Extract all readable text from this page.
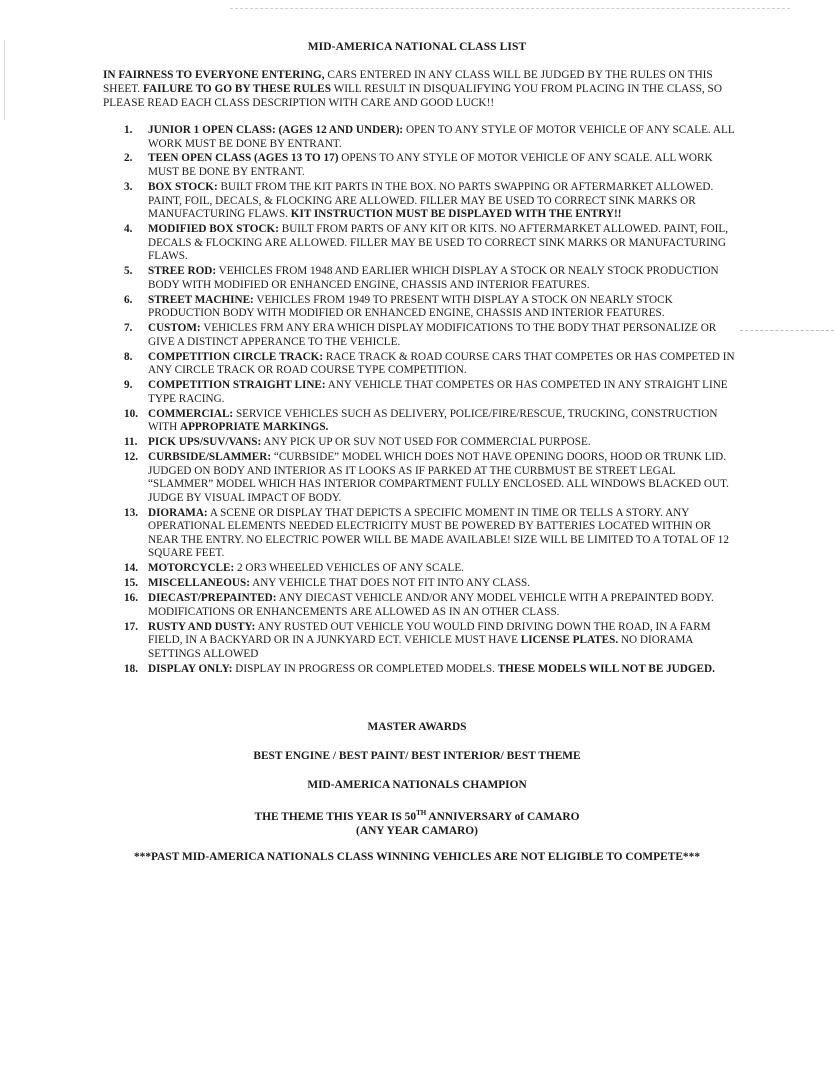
MID-AMERICA NATIONAL CLASS LIST
IN FAIRNESS TO EVERYONE ENTERING, CARS ENTERED IN ANY CLASS WILL BE JUDGED BY THE RULES ON THIS SHEET. FAILURE TO GO BY THESE RULES WILL RESULT IN DISQUALIFYING YOU FROM PLACING IN THE CLASS, SO PLEASE READ EACH CLASS DESCRIPTION WITH CARE AND GOOD LUCK!!
1. JUNIOR 1 OPEN CLASS: (AGES 12 AND UNDER): OPEN TO ANY STYLE OF MOTOR VEHICLE OF ANY SCALE. ALL WORK MUST BE DONE BY ENTRANT.
2. TEEN OPEN CLASS (AGES 13 TO 17) OPENS TO ANY STYLE OF MOTOR VEHICLE OF ANY SCALE. ALL WORK MUST BE DONE BY ENTRANT.
3. BOX STOCK: BUILT FROM THE KIT PARTS IN THE BOX. NO PARTS SWAPPING OR AFTERMARKET ALLOWED. PAINT, FOIL, DECALS, & FLOCKING ARE ALLOWED. FILLER MAY BE USED TO CORRECT SINK MARKS OR MANUFACTURING FLAWS. KIT INSTRUCTION MUST BE DISPLAYED WITH THE ENTRY!!
4. MODIFIED BOX STOCK: BUILT FROM PARTS OF ANY KIT OR KITS. NO AFTERMARKET ALLOWED. PAINT, FOIL, DECALS & FLOCKING ARE ALLOWED. FILLER MAY BE USED TO CORRECT SINK MARKS OR MANUFACTURING FLAWS.
5. STREE ROD: VEHICLES FROM 1948 AND EARLIER WHICH DISPLAY A STOCK OR NEALY STOCK PRODUCTION BODY WITH MODIFIED OR ENHANCED ENGINE, CHASSIS AND INTERIOR FEATURES.
6. STREET MACHINE: VEHICLES FROM 1949 TO PRESENT WITH DISPLAY A STOCK ON NEARLY STOCK PRODUCTION BODY WITH MODIFIED OR ENHANCED ENGINE, CHASSIS AND INTERIOR FEATURES.
7. CUSTOM: VEHICLES FRM ANY ERA WHICH DISPLAY MODIFICATIONS TO THE BODY THAT PERSONALIZE OR GIVE A DISTINCT APPERANCE TO THE VEHICLE.
8. COMPETITION CIRCLE TRACK: RACE TRACK & ROAD COURSE CARS THAT COMPETES OR HAS COMPETED IN ANY CIRCLE TRACK OR ROAD COURSE TYPE COMPETITION.
9. COMPETITION STRAIGHT LINE: ANY VEHICLE THAT COMPETES OR HAS COMPETED IN ANY STRAIGHT LINE TYPE RACING.
10. COMMERCIAL: SERVICE VEHICLES SUCH AS DELIVERY, POLICE/FIRE/RESCUE, TRUCKING, CONSTRUCTION WITH APPROPRIATE MARKINGS.
11. PICK UPS/SUV/VANS: ANY PICK UP OR SUV NOT USED FOR COMMERCIAL PURPOSE.
12. CURBSIDE/SLAMMER: “CURBSIDE” MODEL WHICH DOES NOT HAVE OPENING DOORS, HOOD OR TRUNK LID. JUDGED ON BODY AND INTERIOR AS IT LOOKS AS IF PARKED AT THE CURBMUST BE STREET LEGAL “SLAMMER” MODEL WHICH HAS INTERIOR COMPARTMENT FULLY ENCLOSED. ALL WINDOWS BLACKED OUT. JUDGE BY VISUAL IMPACT OF BODY.
13. DIORAMA: A SCENE OR DISPLAY THAT DEPICTS A SPECIFIC MOMENT IN TIME OR TELLS A STORY. ANY OPERATIONAL ELEMENTS NEEDED ELECTRICITY MUST BE POWERED BY BATTERIES LOCATED WITHIN OR NEAR THE ENTRY. NO ELECTRIC POWER WILL BE MADE AVAILABLE! SIZE WILL BE LIMITED TO A TOTAL OF 12 SQUARE FEET.
14. MOTORCYCLE: 2 OR3 WHEELED VEHICLES OF ANY SCALE.
15. MISCELLANEOUS: ANY VEHICLE THAT DOES NOT FIT INTO ANY CLASS.
16. DIECAST/PREPAINTED: ANY DIECAST VEHICLE AND/OR ANY MODEL VEHICLE WITH A PREPAINTED BODY. MODIFICATIONS OR ENHANCEMENTS ARE ALLOWED AS IN AN OTHER CLASS.
17. RUSTY AND DUSTY: ANY RUSTED OUT VEHICLE YOU WOULD FIND DRIVING DOWN THE ROAD, IN A FARM FIELD, IN A BACKYARD OR IN A JUNKYARD ECT. VEHICLE MUST HAVE LICENSE PLATES. NO DIORAMA SETTINGS ALLOWED
18. DISPLAY ONLY: DISPLAY IN PROGRESS OR COMPLETED MODELS. THESE MODELS WILL NOT BE JUDGED.
MASTER AWARDS
BEST ENGINE / BEST PAINT/ BEST INTERIOR/ BEST THEME
MID-AMERICA NATIONALS CHAMPION
THE THEME THIS YEAR IS 50TH ANNIVERSARY of CAMARO
(ANY YEAR CAMARO)
***PAST MID-AMERICA NATIONALS CLASS WINNING VEHICLES ARE NOT ELIGIBLE TO COMPETE***
